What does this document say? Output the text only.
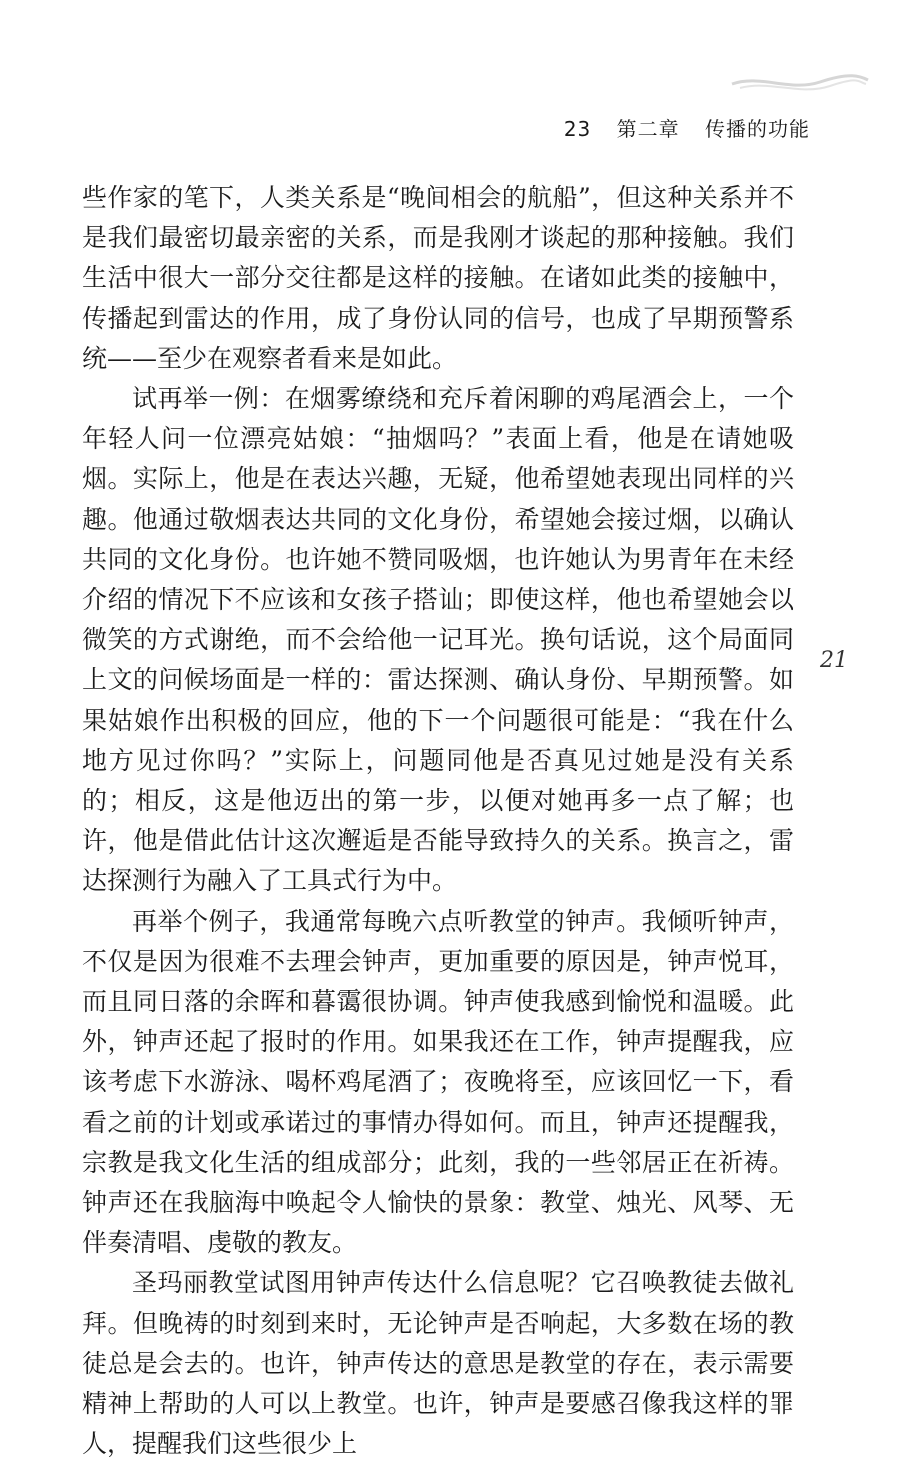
23 第二章 传播的功能
21

些作家的笔下，人类关系是“晚间相会的航船”，但这种关系并不是我们最密切最亲密的关系，而是我刚才谈起的那种接触。我们生活中很大一部分交往都是这样的接触。在诸如此类的接触中，传播起到雷达的作用，成了身份认同的信号，也成了早期预警系统——至少在观察者看来是如此。

试再举一例：在烟雾缭绕和充斥着闲聊的鸡尾酒会上，一个年轻人问一位漂亮姑娘：“抽烟吗？”表面上看，他是在请她吸烟。实际上，他是在表达兴趣，无疑，他希望她表现出同样的兴趣。他通过敬烟表达共同的文化身份，希望她会接过烟，以确认共同的文化身份。也许她不赞同吸烟，也许她认为男青年在未经介绍的情况下不应该和女孩子搭讪；即使这样，他也希望她会以微笑的方式谢绝，而不会给他一记耳光。换句话说，这个局面同上文的问候场面是一样的：雷达探测、确认身份、早期预警。如果姑娘作出积极的回应，他的下一个问题很可能是：“我在什么地方见过你吗？”实际上，问题同他是否真见过她是没有关系的；相反，这是他迈出的第一步，以便对她再多一点了解；也许，他是借此估计这次邂逅是否能导致持久的关系。换言之，雷达探测行为融入了工具式行为中。

再举个例子，我通常每晚六点听教堂的钟声。我倾听钟声，不仅是因为很难不去理会钟声，更加重要的原因是，钟声悦耳，而且同日落的余晖和暮霭很协调。钟声使我感到愉悦和温暖。此外，钟声还起了报时的作用。如果我还在工作，钟声提醒我，应该考虑下水游泳、喝杯鸡尾酒了；夜晚将至，应该回忆一下，看看之前的计划或承诺过的事情办得如何。而且，钟声还提醒我，宗教是我文化生活的组成部分；此刻，我的一些邻居正在祈祷。钟声还在我脑海中唤起令人愉快的景象：教堂、烛光、风琴、无伴奏清唱、虔敬的教友。

圣玛丽教堂试图用钟声传达什么信息呢？它召唤教徒去做礼拜。但晚祷的时刻到来时，无论钟声是否响起，大多数在场的教徒总是会去的。也许，钟声传达的意思是教堂的存在，表示需要精神上帮助的人可以上教堂。也许，钟声是要感召像我这样的罪人，提醒我们这些很少上
